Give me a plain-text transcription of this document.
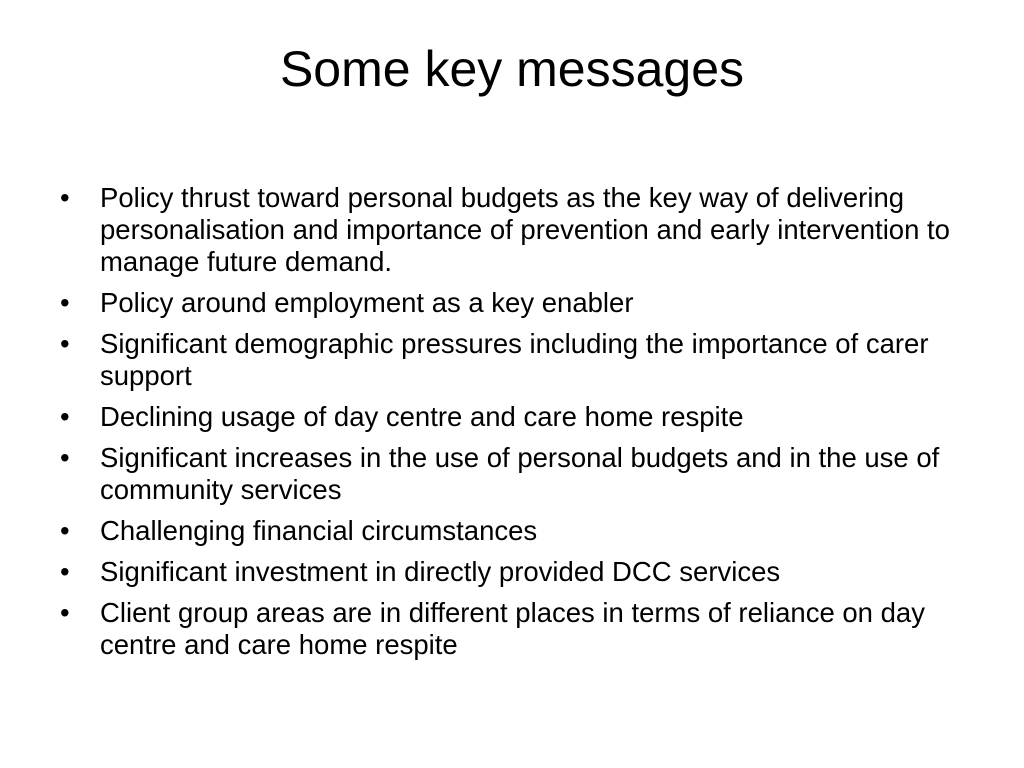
Some key messages
•	Policy thrust toward personal budgets as the key way of delivering personalisation and importance of prevention and early intervention to manage future demand.
•	Policy around employment as a key enabler
•	Significant demographic pressures including the importance of carer support
•	Declining usage of day centre and care home respite
•	Significant increases in the use of personal budgets and in the use of community services
•	Challenging financial circumstances
•	Significant investment in directly provided DCC services
•	Client group areas are in different places in terms of reliance on day centre and care home respite
